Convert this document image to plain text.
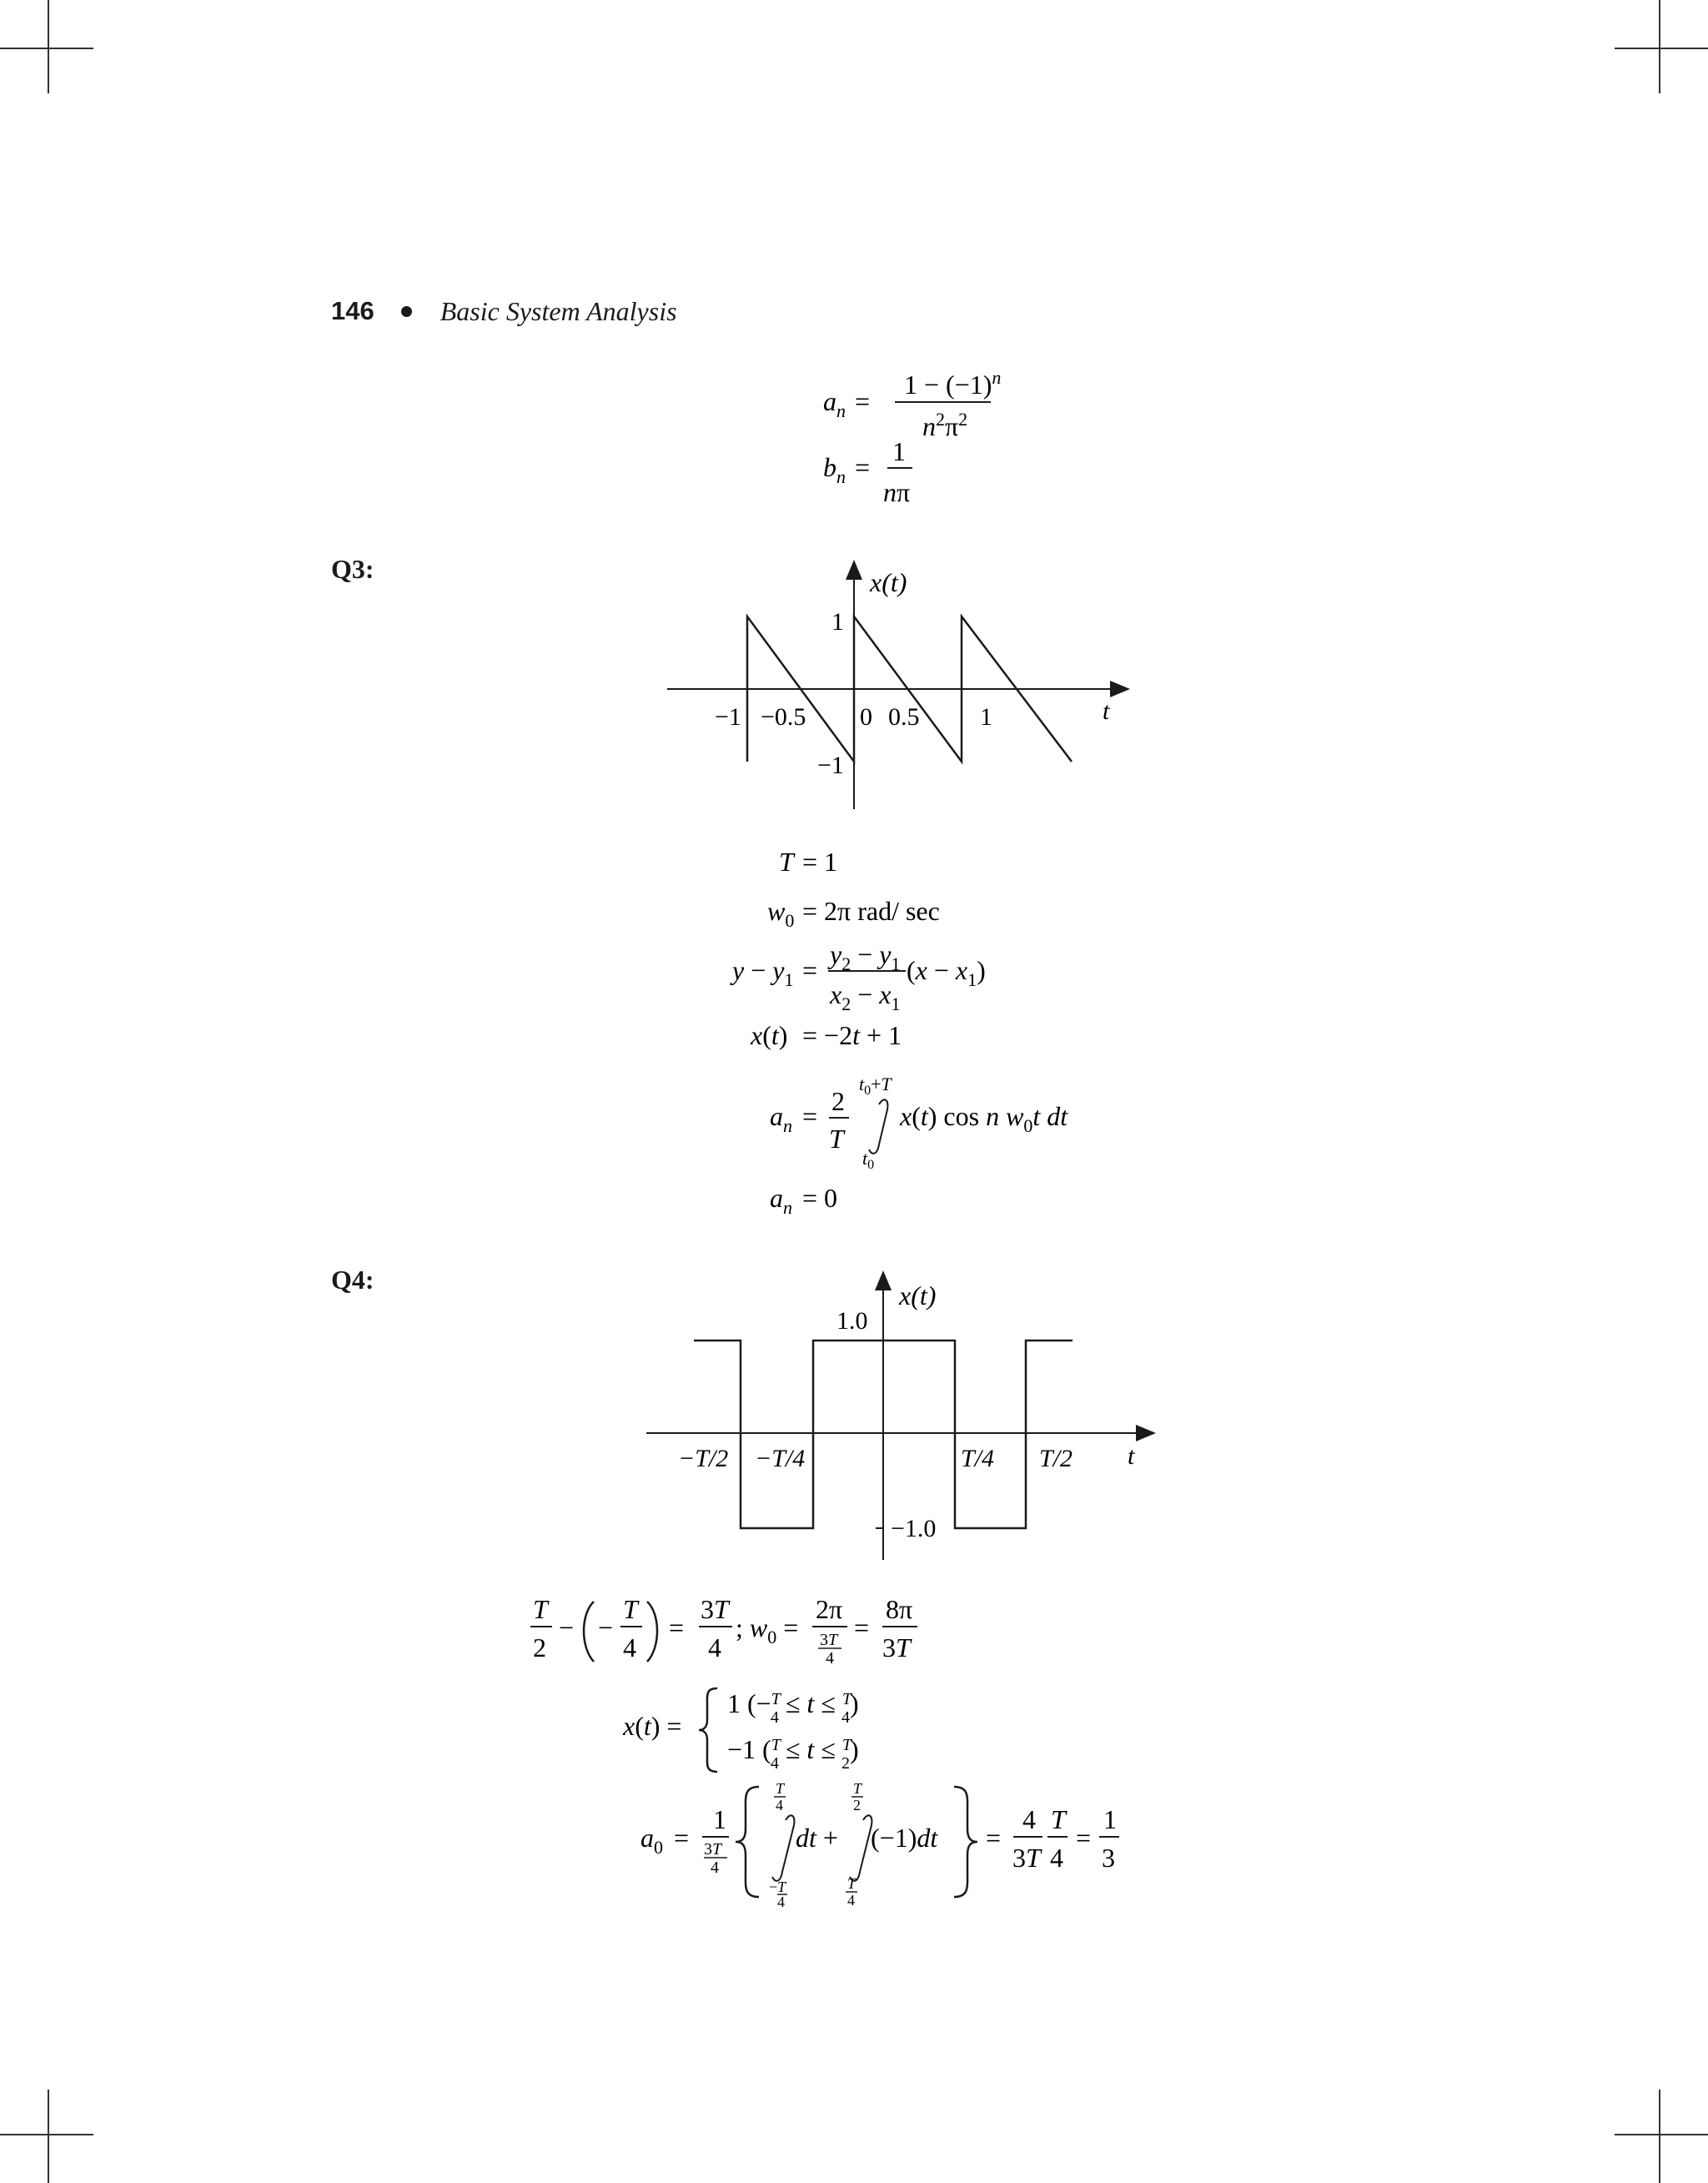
146 Basic System Analysis
$a_n$ =
$1 - (-1)^n$
$n^2\pi^2$
$b_n$ =
1
nπ
Q3:	x(t)
t
1
−1
−1 −0.5 0 0.5 1
T = 1
$w_0 = 2\pi$ rad/ sec
$y - y_1$ =
$y_2 - y_1$
$x_2 - x_1$
$(x - x_1)$
x(t) = −2t + 1
$a_n = 2$
T
$t_0+T$
$t_0$
x(t) cos n $w_0t$ dt
$a_n = 0$
Q4:
x(t)
t
1.0
−1.0
−T/2 −T/4	T/4 T/2
T
2
− −
T
4
=
3T
4
; $w_0$ =
2π
3T
4
=
8π
3T
x(t) =
1 (−$^T$ 4 ≤ t ≤ $^T$ 4)
−1 ($^T$ 4 ≤ t ≤ $^T$ 2)
$a_0$ =
1
3T
4
T
4
−T
4
dt +
T
2
T
4
(−1)dt =
4
3T
T
4
=
1
3
